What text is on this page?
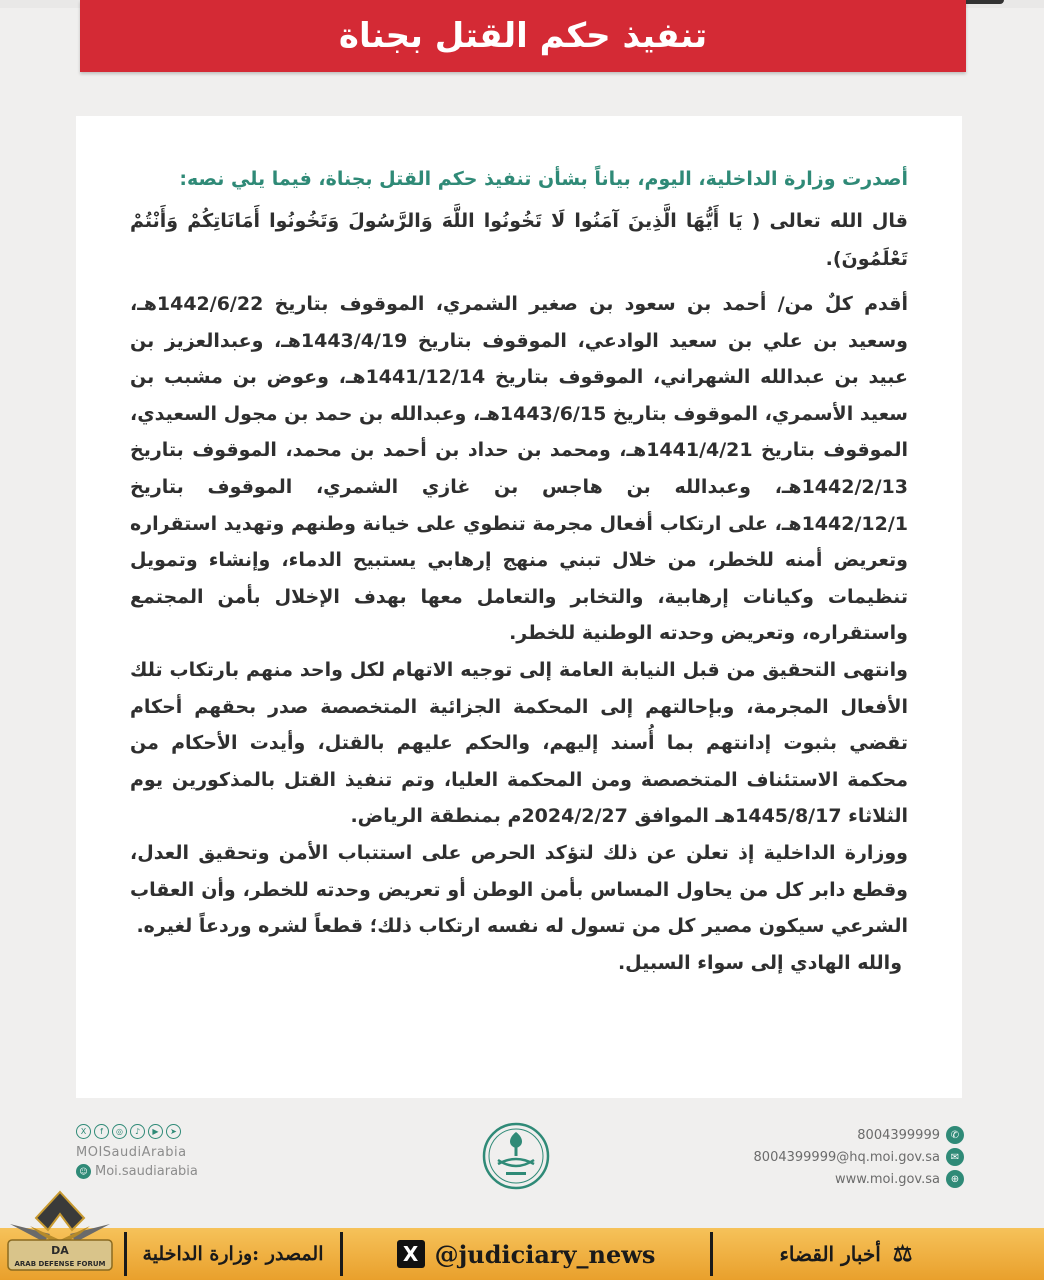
تنفيذ حكم القتل بجناة

أصدرت وزارة الداخلية، اليوم، بياناً بشأن تنفيذ حكم القتل بجناة، فيما يلي نصه:

قال الله تعالى ( يَا أَيُّهَا الَّذِينَ آمَنُوا لَا تَخُونُوا اللَّهَ وَالرَّسُولَ وَتَخُونُوا أَمَانَاتِكُمْ وَأَنْتُمْ تَعْلَمُونَ).

أقدم كلٌ من/ أحمد بن سعود بن صغير الشمري، الموقوف بتاريخ 1442/6/22هـ، وسعيد بن علي بن سعيد الوادعي، الموقوف بتاريخ 1443/4/19هـ، وعبدالعزيز بن عبيد بن عبدالله الشهراني، الموقوف بتاريخ 1441/12/14هـ، وعوض بن مشبب بن سعيد الأسمري، الموقوف بتاريخ 1443/6/15هـ، وعبدالله بن حمد بن مجول السعيدي، الموقوف بتاريخ 1441/4/21هـ، ومحمد بن حداد بن أحمد بن محمد، الموقوف بتاريخ 1442/2/13هـ، وعبدالله بن هاجس بن غازي الشمري، الموقوف بتاريخ 1442/12/1هـ، على ارتكاب أفعال مجرمة تنطوي على خيانة وطنهم وتهديد استقراره وتعريض أمنه للخطر، من خلال تبني منهج إرهابي يستبيح الدماء، وإنشاء وتمويل تنظيمات وكيانات إرهابية، والتخابر والتعامل معها بهدف الإخلال بأمن المجتمع واستقراره، وتعريض وحدته الوطنية للخطر.

وانتهى التحقيق من قبل النيابة العامة إلى توجيه الاتهام لكل واحد منهم بارتكاب تلك الأفعال المجرمة، وبإحالتهم إلى المحكمة الجزائية المتخصصة صدر بحقهم أحكام تقضي بثبوت إدانتهم بما أُسند إليهم، والحكم عليهم بالقتل، وأيدت الأحكام من محكمة الاستئناف المتخصصة ومن المحكمة العليا، وتم تنفيذ القتل بالمذكورين يوم الثلاثاء 1445/8/17هـ الموافق 2024/2/27م بمنطقة الرياض.

ووزارة الداخلية إذ تعلن عن ذلك لتؤكد الحرص على استتباب الأمن وتحقيق العدل، وقطع دابر كل من يحاول المساس بأمن الوطن أو تعريض وحدته للخطر، وأن العقاب الشرعي سيكون مصير كل من تسول له نفسه ارتكاب ذلك؛ قطعاً لشره وردعاً لغيره.

والله الهادي إلى سواء السبيل.

X	f	◎	♪	▶	➤
MOISaudiArabia
☺ Moi.saudiarabia
8004399999	✆
8004399999@hq.moi.gov.sa	✉
www.moi.gov.sa	⊕
المصدر :وزارة الداخلية	X @judiciary_news	⚖
أخبار القضاء
DA
ARAB DEFENSE FORUM
